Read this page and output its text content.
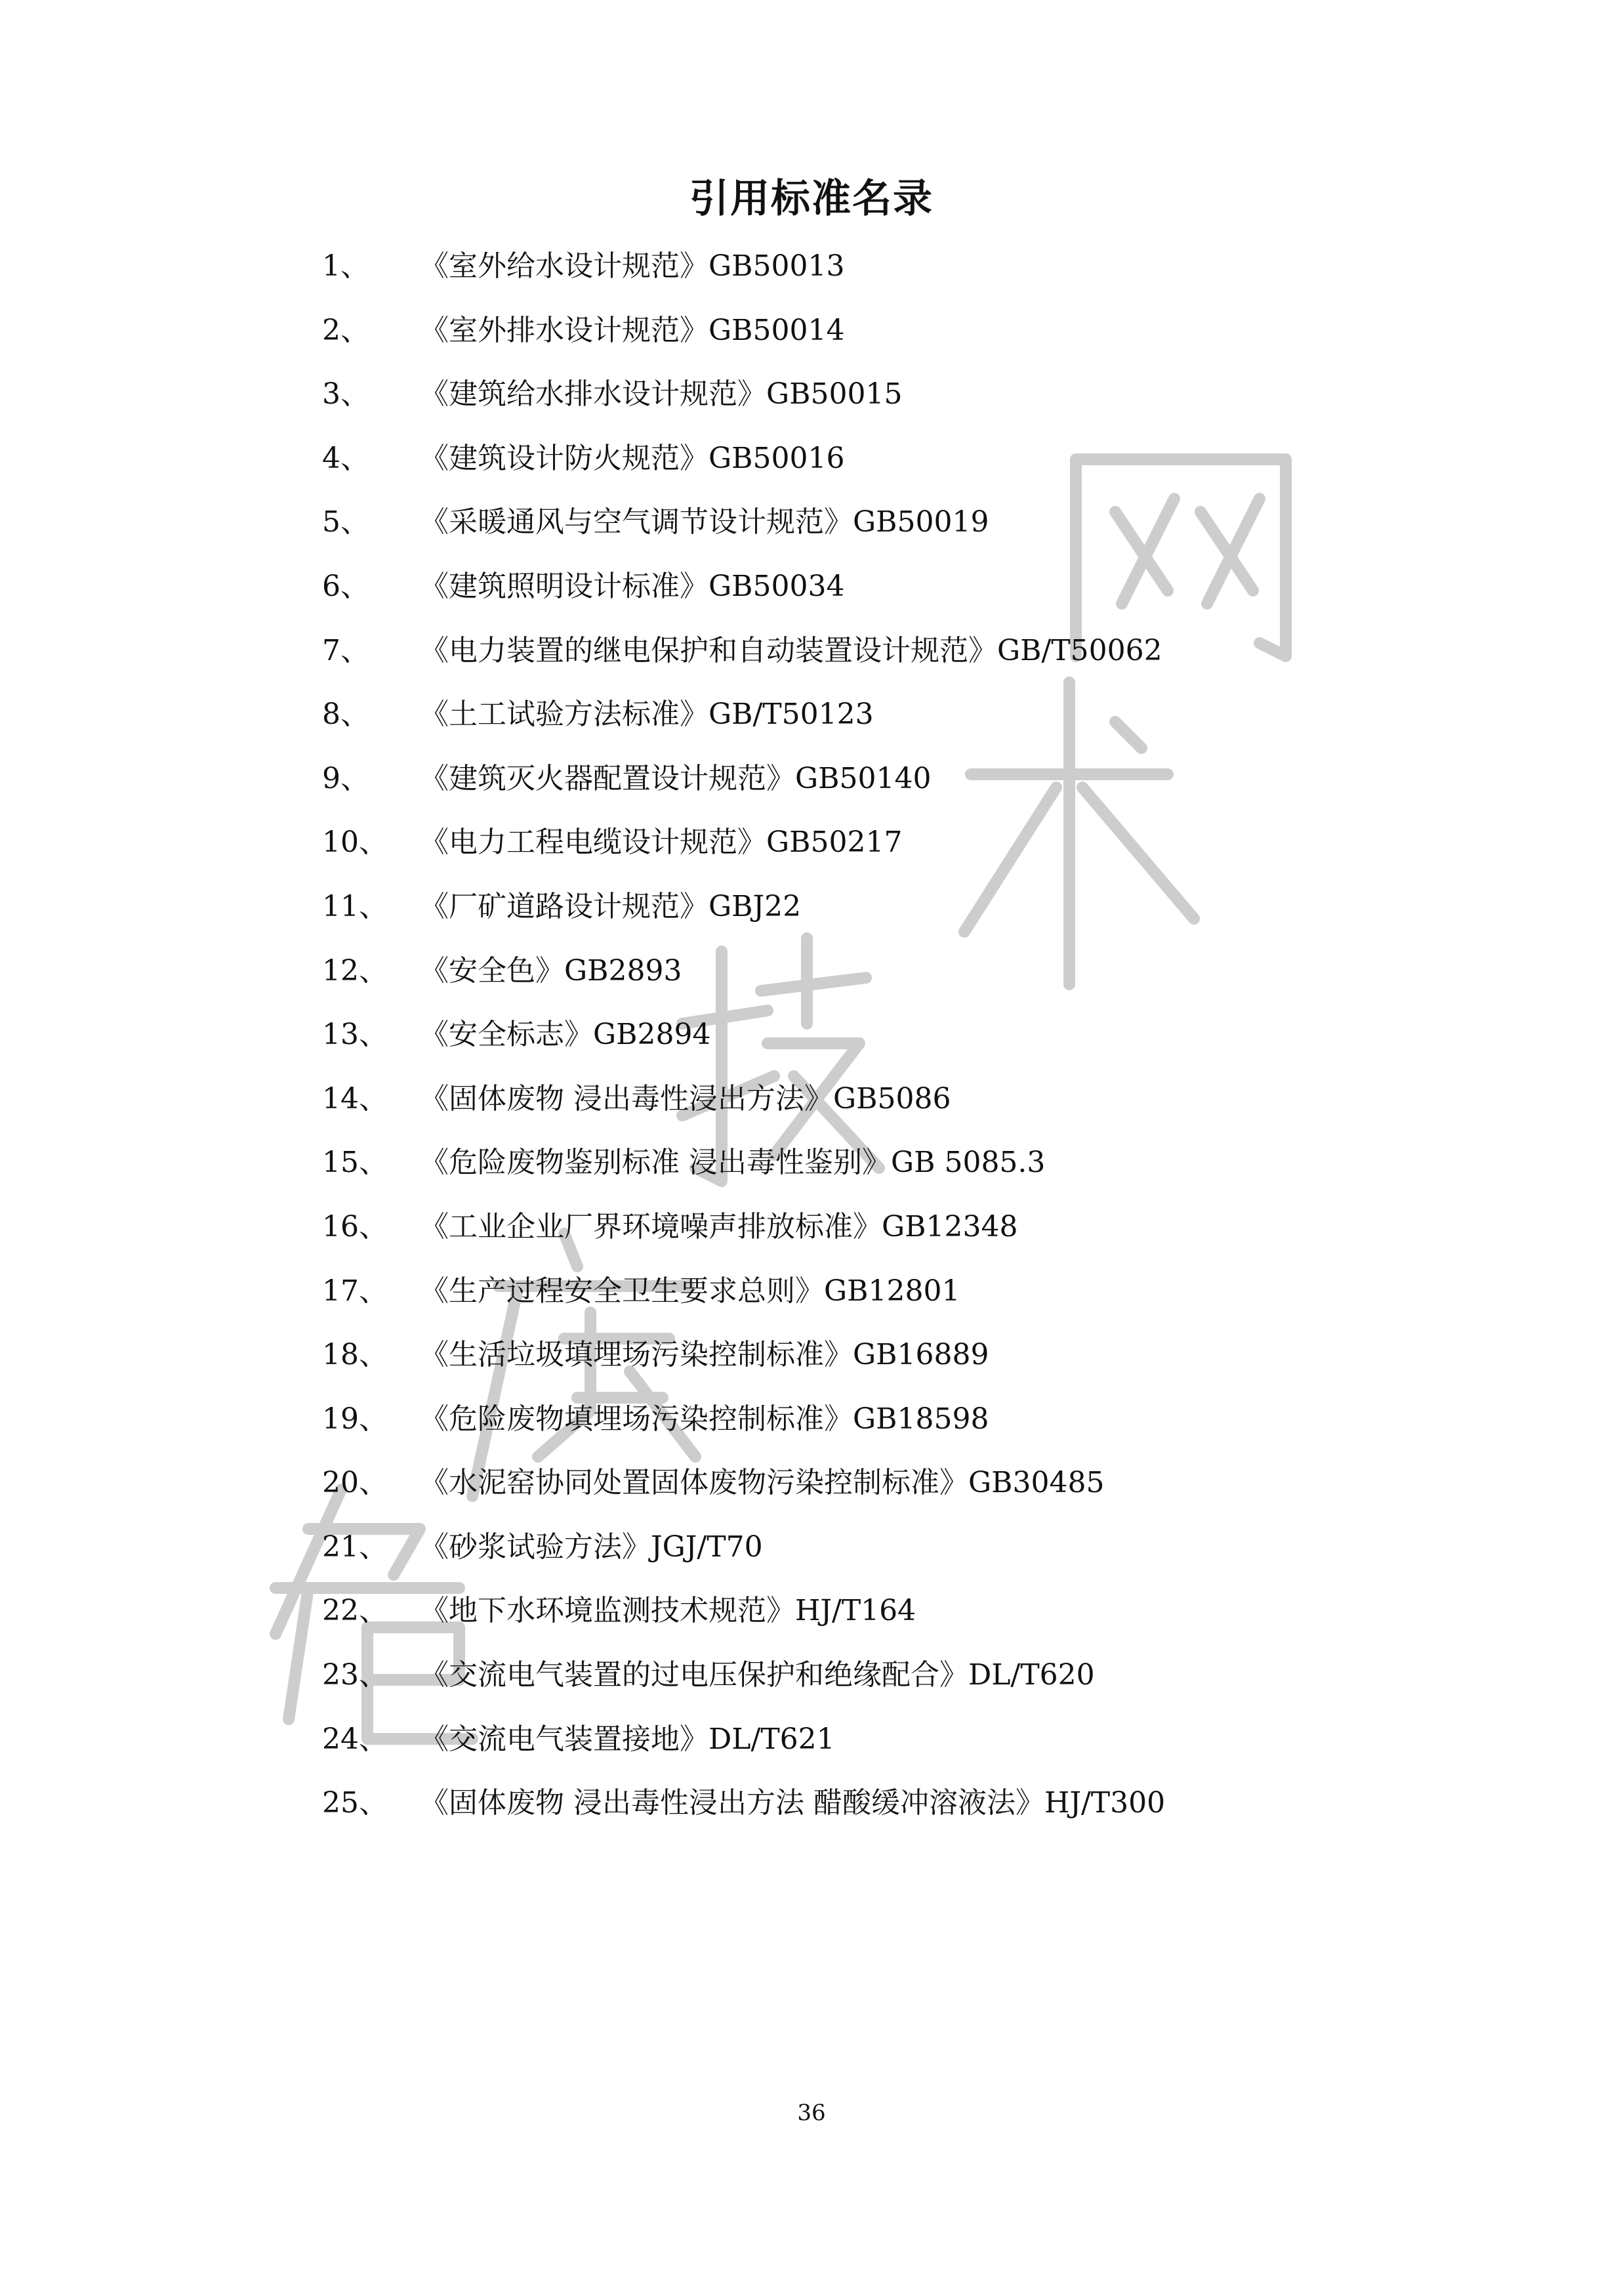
引用标准名录
1、 《室外给水设计规范》GB50013
2、 《室外排水设计规范》GB50014
3、 《建筑给水排水设计规范》GB50015
4、 《建筑设计防火规范》GB50016
5、 《采暖通风与空气调节设计规范》GB50019
6、 《建筑照明设计标准》GB50034
7、 《电力装置的继电保护和自动装置设计规范》GB/T50062
8、 《土工试验方法标准》GB/T50123
9、 《建筑灭火器配置设计规范》GB50140
10、 《电力工程电缆设计规范》GB50217
11、 《厂矿道路设计规范》GBJ22
12、 《安全色》GB2893
13、 《安全标志》GB2894
14、 《固体废物 浸出毒性浸出方法》GB5086
15、 《危险废物鉴别标准 浸出毒性鉴别》GB 5085.3
16、 《工业企业厂界环境噪声排放标准》GB12348
17、 《生产过程安全卫生要求总则》GB12801
18、 《生活垃圾填埋场污染控制标准》GB16889
19、 《危险废物填埋场污染控制标准》GB18598
20、 《水泥窑协同处置固体废物污染控制标准》GB30485
21、 《砂浆试验方法》JGJ/T70
22、 《地下水环境监测技术规范》HJ/T164
23、 《交流电气装置的过电压保护和绝缘配合》DL/T620
24、 《交流电气装置接地》DL/T621
25、 《固体废物 浸出毒性浸出方法 醋酸缓冲溶液法》HJ/T300
36
